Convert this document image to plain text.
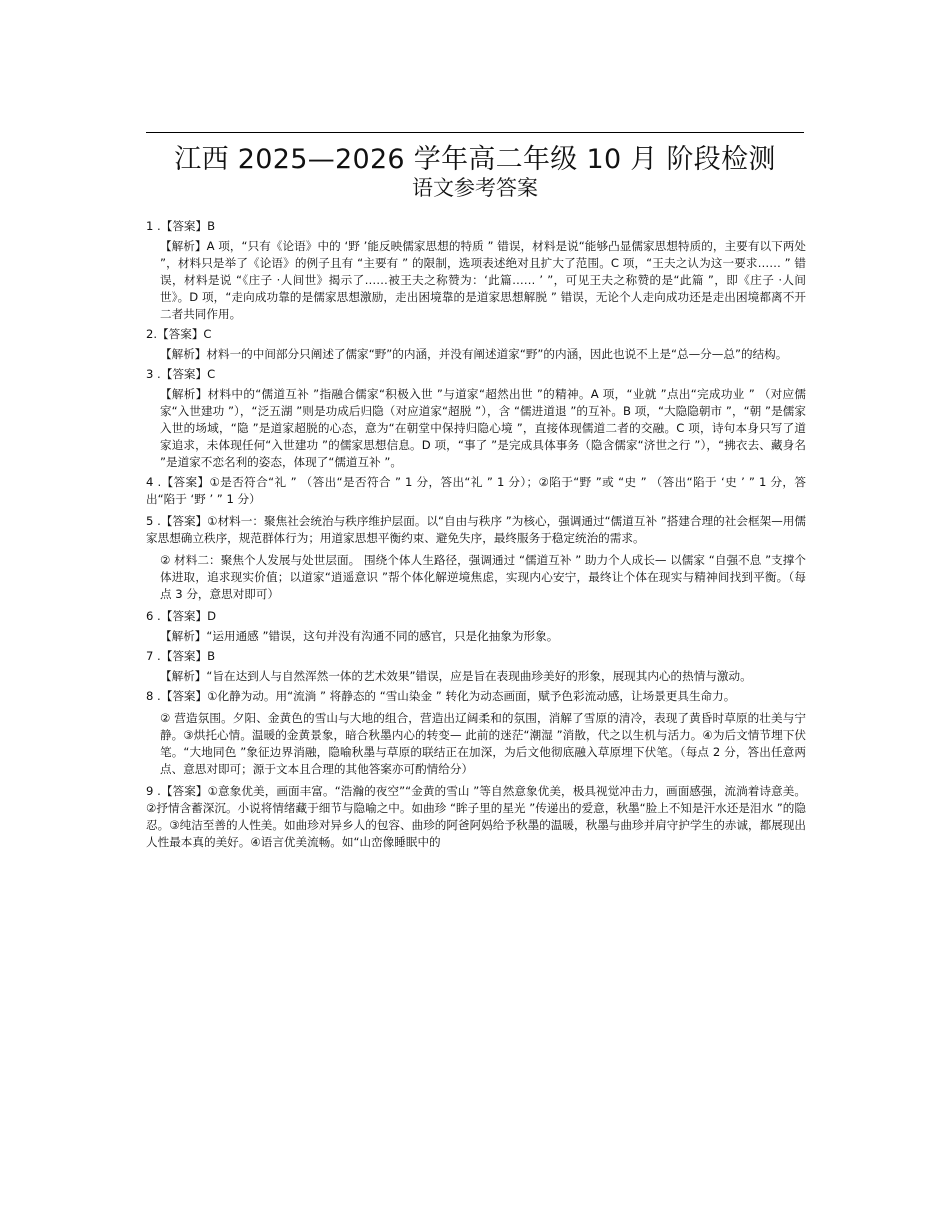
江西 2025—2026 学年高二年级 10 月 阶段检测
语文参考答案

1 .【答案】B

【解析】A 项，“只有《论语》中的 ‘野 ’能反映儒家思想的特质 ” 错误，材料是说“能够凸显儒家思想特质的，主要有以下两处 ”，材料只是举了《论语》的例子且有 “主要有 ” 的限制，选项表述绝对且扩大了范围。C 项，“王夫之认为这一要求…… ” 错误，材料是说 “《庄子 ·人间世》揭示了……被王夫之称赞为：‘此篇…… ’ ”，可见王夫之称赞的是“此篇 ”，即《庄子 ·人间世》。D 项，“走向成功靠的是儒家思想激励，走出困境靠的是道家思想解脱 ” 错误，无论个人走向成功还是走出困境都离不开二者共同作用。

2.【答案】C

【解析】材料一的中间部分只阐述了儒家“野”的内涵，并没有阐述道家“野”的内涵，因此也说不上是“总—分—总”的结构。

3 .【答案】C

【解析】材料中的“儒道互补 ”指融合儒家“积极入世 ”与道家“超然出世 ”的精神。A 项，“业就 ”点出“完成功业 ” （对应儒家“入世建功 ”），“泛五湖 ”则是功成后归隐（对应道家“超脱 ”），含 “儒进道退 ”的互补。B 项，“大隐隐朝市 ”，“朝 ”是儒家入世的场域，“隐 ”是道家超脱的心态，意为“在朝堂中保持归隐心境 ”，直接体现儒道二者的交融。C 项，诗句本身只写了道家追求，未体现任何“入世建功 ”的儒家思想信息。D 项，“事了 ”是完成具体事务（隐含儒家“济世之行 ”），“拂衣去、藏身名 ”是道家不恋名利的姿态，体现了“儒道互补 ”。

4 .【答案】①是否符合“礼 ” （答出“是否符合 ” 1 分，答出“礼 ” 1 分）；②陷于“野 ”或 “史 ” （答出“陷于 ‘史 ’ ” 1 分，答出“陷于 ‘野 ’ ” 1 分）

5 .【答案】①材料一：聚焦社会统治与秩序维护层面。以“自由与秩序 ”为核心，强调通过“儒道互补 ”搭建合理的社会框架—用儒家思想确立秩序，规范群体行为；用道家思想平衡约束、避免失序，最终服务于稳定统治的需求。

② 材料二：聚焦个人发展与处世层面。 围绕个体人生路径，强调通过 “儒道互补 ” 助力个人成长— 以儒家 “自强不息 ”支撑个体进取，追求现实价值；以道家“逍遥意识 ”帮个体化解逆境焦虑，实现内心安宁，最终让个体在现实与精神间找到平衡。（每点 3 分，意思对即可）

6 .【答案】D

【解析】“运用通感 ”错误，这句并没有沟通不同的感官，只是化抽象为形象。

7 .【答案】B

【解析】“旨在达到人与自然浑然一体的艺术效果”错误，应是旨在表现曲珍美好的形象，展现其内心的热情与激动。

8 .【答案】①化静为动。用“流淌 ” 将静态的 “雪山染金 ” 转化为动态画面，赋予色彩流动感，让场景更具生命力。

② 营造氛围。夕阳、金黄色的雪山与大地的组合，营造出辽阔柔和的氛围，消解了雪原的清冷，表现了黄昏时草原的壮美与宁静。③烘托心情。温暖的金黄景象，暗合秋墨内心的转变— 此前的迷茫“潮湿 ”消散，代之以生机与活力。④为后文情节埋下伏笔。“大地同色 ”象征边界消融，隐喻秋墨与草原的联结正在加深，为后文他彻底融入草原埋下伏笔。（每点 2 分，答出任意两点、意思对即可；源于文本且合理的其他答案亦可酌情给分）

9 .【答案】①意象优美，画面丰富。“浩瀚的夜空”“金黄的雪山 ”等自然意象优美，极具视觉冲击力，画面感强，流淌着诗意美。②抒情含蓄深沉。小说将情绪藏于细节与隐喻之中。如曲珍 “眸子里的星光 ”传递出的爱意，秋墨“脸上不知是汗水还是泪水 ”的隐忍。③纯洁至善的人性美。如曲珍对异乡人的包容、曲珍的阿爸阿妈给予秋墨的温暖，秋墨与曲珍并肩守护学生的赤诚，都展现出人性最本真的美好。④语言优美流畅。如“山峦像睡眠中的
